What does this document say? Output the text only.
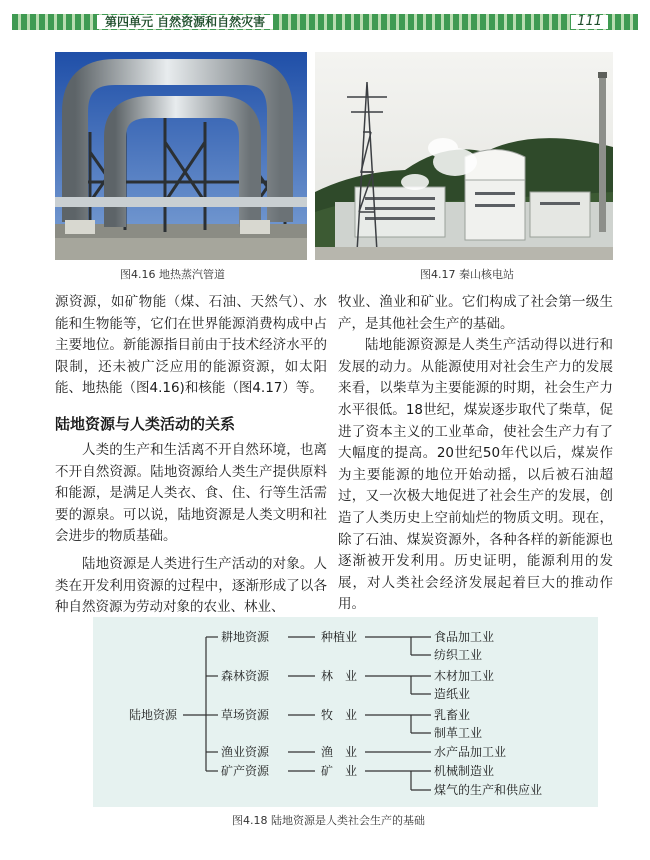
第四单元 自然资源和自然灾害	111
图4.16 地热蒸汽管道	图4.17 秦山核电站

源资源，如矿物能（煤、石油、天然气）、水能和生物能等，它们在世界能源消费构成中占主要地位。新能源指目前由于技术经济水平的限制，还未被广泛应用的能源资源，如太阳能、地热能（图4.16)和核能（图4.17）等。

陆地资源与人类活动的关系

人类的生产和生活离不开自然环境，也离不开自然资源。陆地资源给人类生产提供原料和能源，是满足人类衣、食、住、行等生活需要的源泉。可以说，陆地资源是人类文明和社会进步的物质基础。

陆地资源是人类进行生产活动的对象。人类在开发利用资源的过程中，逐渐形成了以各种自然资源为劳动对象的农业、林业、

牧业、渔业和矿业。它们构成了社会第一级生产，是其他社会生产的基础。

陆地能源资源是人类生产活动得以进行和发展的动力。从能源使用对社会生产力的发展来看，以柴草为主要能源的时期，社会生产力水平很低。18世纪，煤炭逐步取代了柴草，促进了资本主义的工业革命，使社会生产力有了大幅度的提高。20世纪50年代以后，煤炭作为主要能源的地位开始动摇，以后被石油超过，又一次极大地促进了社会生产的发展，创造了人类历史上空前灿烂的物质文明。现在，除了石油、煤炭资源外，各种各样的新能源也逐渐被开发利用。历史证明，能源利用的发展，对人类社会经济发展起着巨大的推动作用。

陆地资源
耕地资源
森林资源
草场资源
渔业资源
矿产资源
种植业
林　业
牧　业
渔　业
矿　业
食品加工业
纺织工业
木材加工业
造纸业
乳畜业
制革工业
水产品加工业
机械制造业
煤气的生产和供应业
图4.18 陆地资源是人类社会生产的基础
